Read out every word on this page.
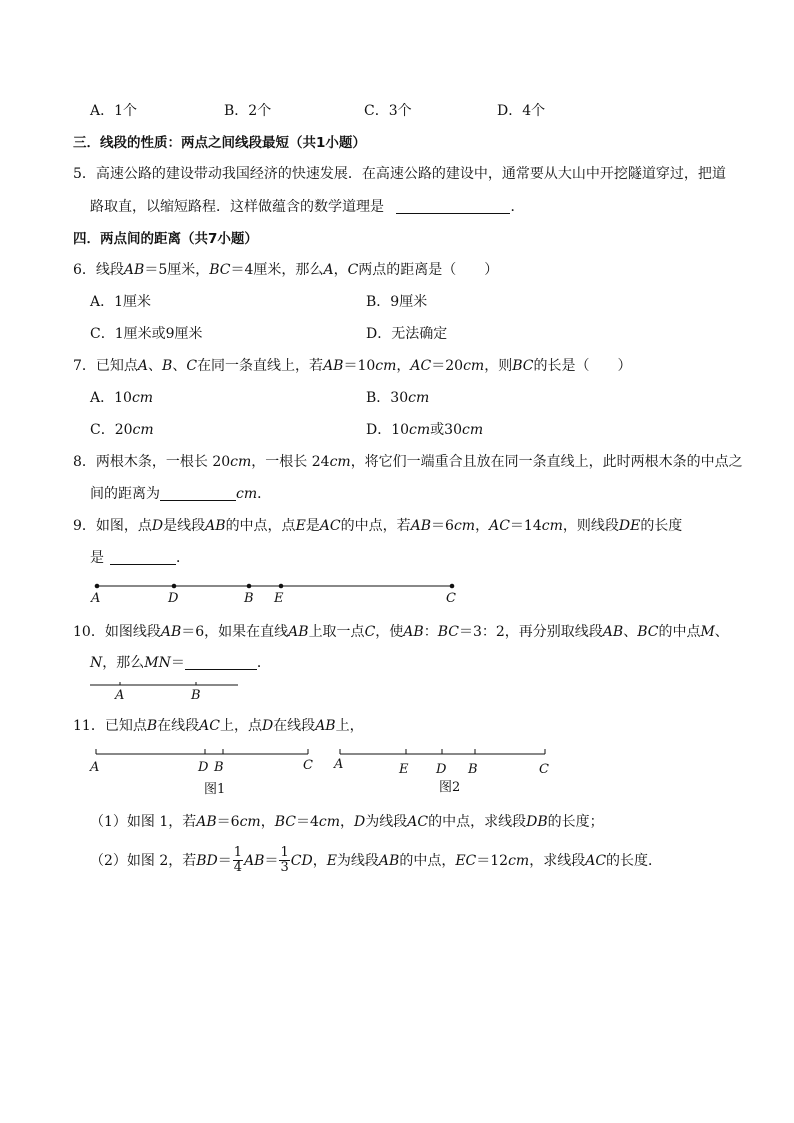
A．1个	B．2个	C．3个	D．4个
三．线段的性质：两点之间线段最短（共1小题）
5．高速公路的建设带动我国经济的快速发展．在高速公路的建设中，通常要从大山中开挖隧道穿过，把道
路取直，以缩短路程．这样做蕴含的数学道理是	．
四．两点间的距离（共7小题）
6．线段AB＝5厘米，BC＝4厘米，那么A，C两点的距离是（　　）
A．1厘米	B．9厘米
C．1厘米或9厘米	D．无法确定
7．已知点A、B、C在同一条直线上，若AB＝10cm，AC＝20cm，则BC的长是（　　）
A．10cm	B．30cm
C．20cm	D．10cm或30cm
8．两根木条，一根长 20cm，一根长 24cm，将它们一端重合且放在同一条直线上，此时两根木条的中点之
间的距离为	cm．
9．如图，点D是线段AB的中点，点E是AC的中点，若AB＝6cm，AC＝14cm，则线段DE的长度
是	．
A	D	B E	C
10．如图线段AB＝6，如果在直线AB上取一点C，使AB：BC＝3：2，再分别取线段AB、BC的中点M、
N，那么MN＝	．
A	B
11．已知点B在线段AC上，点D在线段AB上，
A	D B	C
图1
A	E D B	C
图2
（1）如图 1，若AB＝6cm，BC＝4cm，D为线段AC的中点，求线段DB的长度；
（2）如图 2，若$BD= \frac{1}{4} AB= \frac{1}{3}$ CD，E为线段AB的中点，EC＝12cm，求线段AC的长度．
